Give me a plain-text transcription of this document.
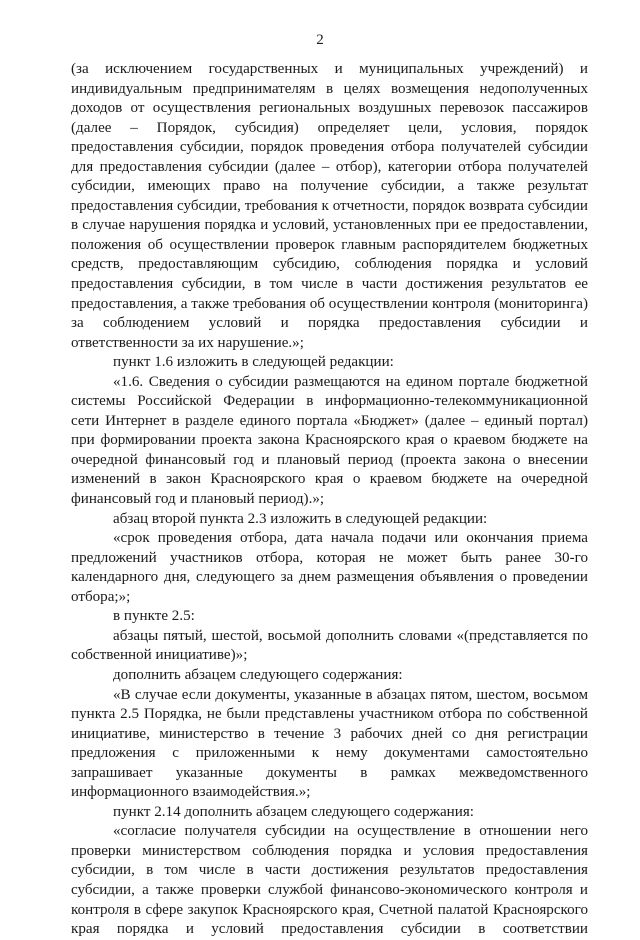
2

(за исключением государственных и муниципальных учреждений) и индивидуальным предпринимателям в целях возмещения недополученных доходов от осуществления региональных воздушных перевозок пассажиров (далее – Порядок, субсидия) определяет цели, условия, порядок предоставления субсидии, порядок проведения отбора получателей субсидии для предоставления субсидии (далее – отбор), категории отбора получателей субсидии, имеющих право на получение субсидии, а также результат предоставления субсидии, требования к отчетности, порядок возврата субсидии в случае нарушения порядка и условий, установленных при ее предоставлении, положения об осуществлении проверок главным распорядителем бюджетных средств, предоставляющим субсидию, соблюдения порядка и условий предоставления субсидии, в том числе в части достижения результатов ее предоставления, а также требования об осуществлении контроля (мониторинга) за соблюдением условий и порядка предоставления субсидии и ответственности за их нарушение.»;

пункт 1.6 изложить в следующей редакции:

«1.6. Сведения о субсидии размещаются на едином портале бюджетной системы Российской Федерации в информационно-телекоммуникационной сети Интернет в разделе единого портала «Бюджет» (далее – единый портал) при формировании проекта закона Красноярского края о краевом бюджете на очередной финансовый год и плановый период (проекта закона о внесении изменений в закон Красноярского края о краевом бюджете на очередной финансовый год и плановый период).»;

абзац второй пункта 2.3 изложить в следующей редакции:

«срок проведения отбора, дата начала подачи или окончания приема предложений участников отбора, которая не может быть ранее 30-го календарного дня, следующего за днем размещения объявления о проведении отбора;»;

в пункте 2.5:

абзацы пятый, шестой, восьмой дополнить словами «(представляется по собственной инициативе)»;

дополнить абзацем следующего содержания:

«В случае если документы, указанные в абзацах пятом, шестом, восьмом пункта 2.5 Порядка, не были представлены участником отбора по собственной инициативе, министерство в течение 3 рабочих дней со дня регистрации предложения с приложенными к нему документами самостоятельно запрашивает указанные документы в рамках межведомственного информационного взаимодействия.»;

пункт 2.14 дополнить абзацем следующего содержания:

«согласие получателя субсидии на осуществление в отношении него проверки министерством соблюдения порядка и условия предоставления субсидии, в том числе в части достижения результатов предоставления субсидии, а также проверки службой финансово-экономического контроля и контроля в сфере закупок Красноярского края, Счетной палатой Красноярского края порядка и условий предоставления субсидии в соответствии
